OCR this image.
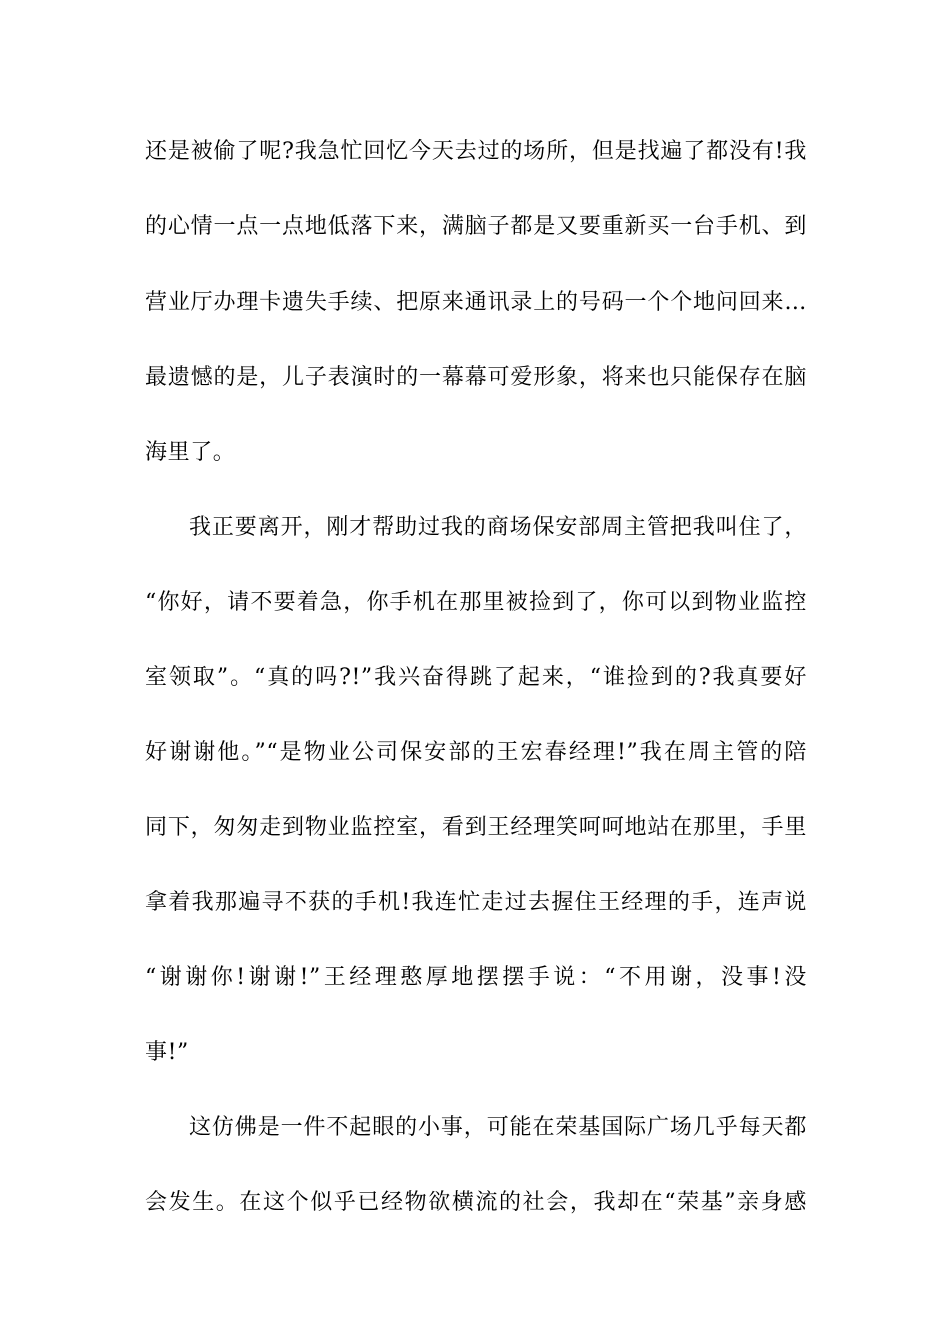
还是被偷了呢?我急忙回忆今天去过的场所，但是找遍了都没有!我
的心情一点一点地低落下来，满脑子都是又要重新买一台手机、到
营业厅办理卡遗失手续、把原来通讯录上的号码一个个地问回来…
最遗憾的是，儿子表演时的一幕幕可爱形象，将来也只能保存在脑
海里了。
我正要离开，刚才帮助过我的商场保安部周主管把我叫住了，
“你好，请不要着急，你手机在那里被捡到了，你可以到物业监控
室领取”。“真的吗?!”我兴奋得跳了起来，“谁捡到的?我真要好
好谢谢他。”“是物业公司保安部的王宏春经理!”我在周主管的陪
同下，匆匆走到物业监控室，看到王经理笑呵呵地站在那里，手里
拿着我那遍寻不获的手机!我连忙走过去握住王经理的手，连声说
“谢谢你!谢谢!”王经理憨厚地摆摆手说：“不用谢，没事!没
事!”
这仿佛是一件不起眼的小事，可能在荣基国际广场几乎每天都
会发生。在这个似乎已经物欲横流的社会，我却在“荣基”亲身感
